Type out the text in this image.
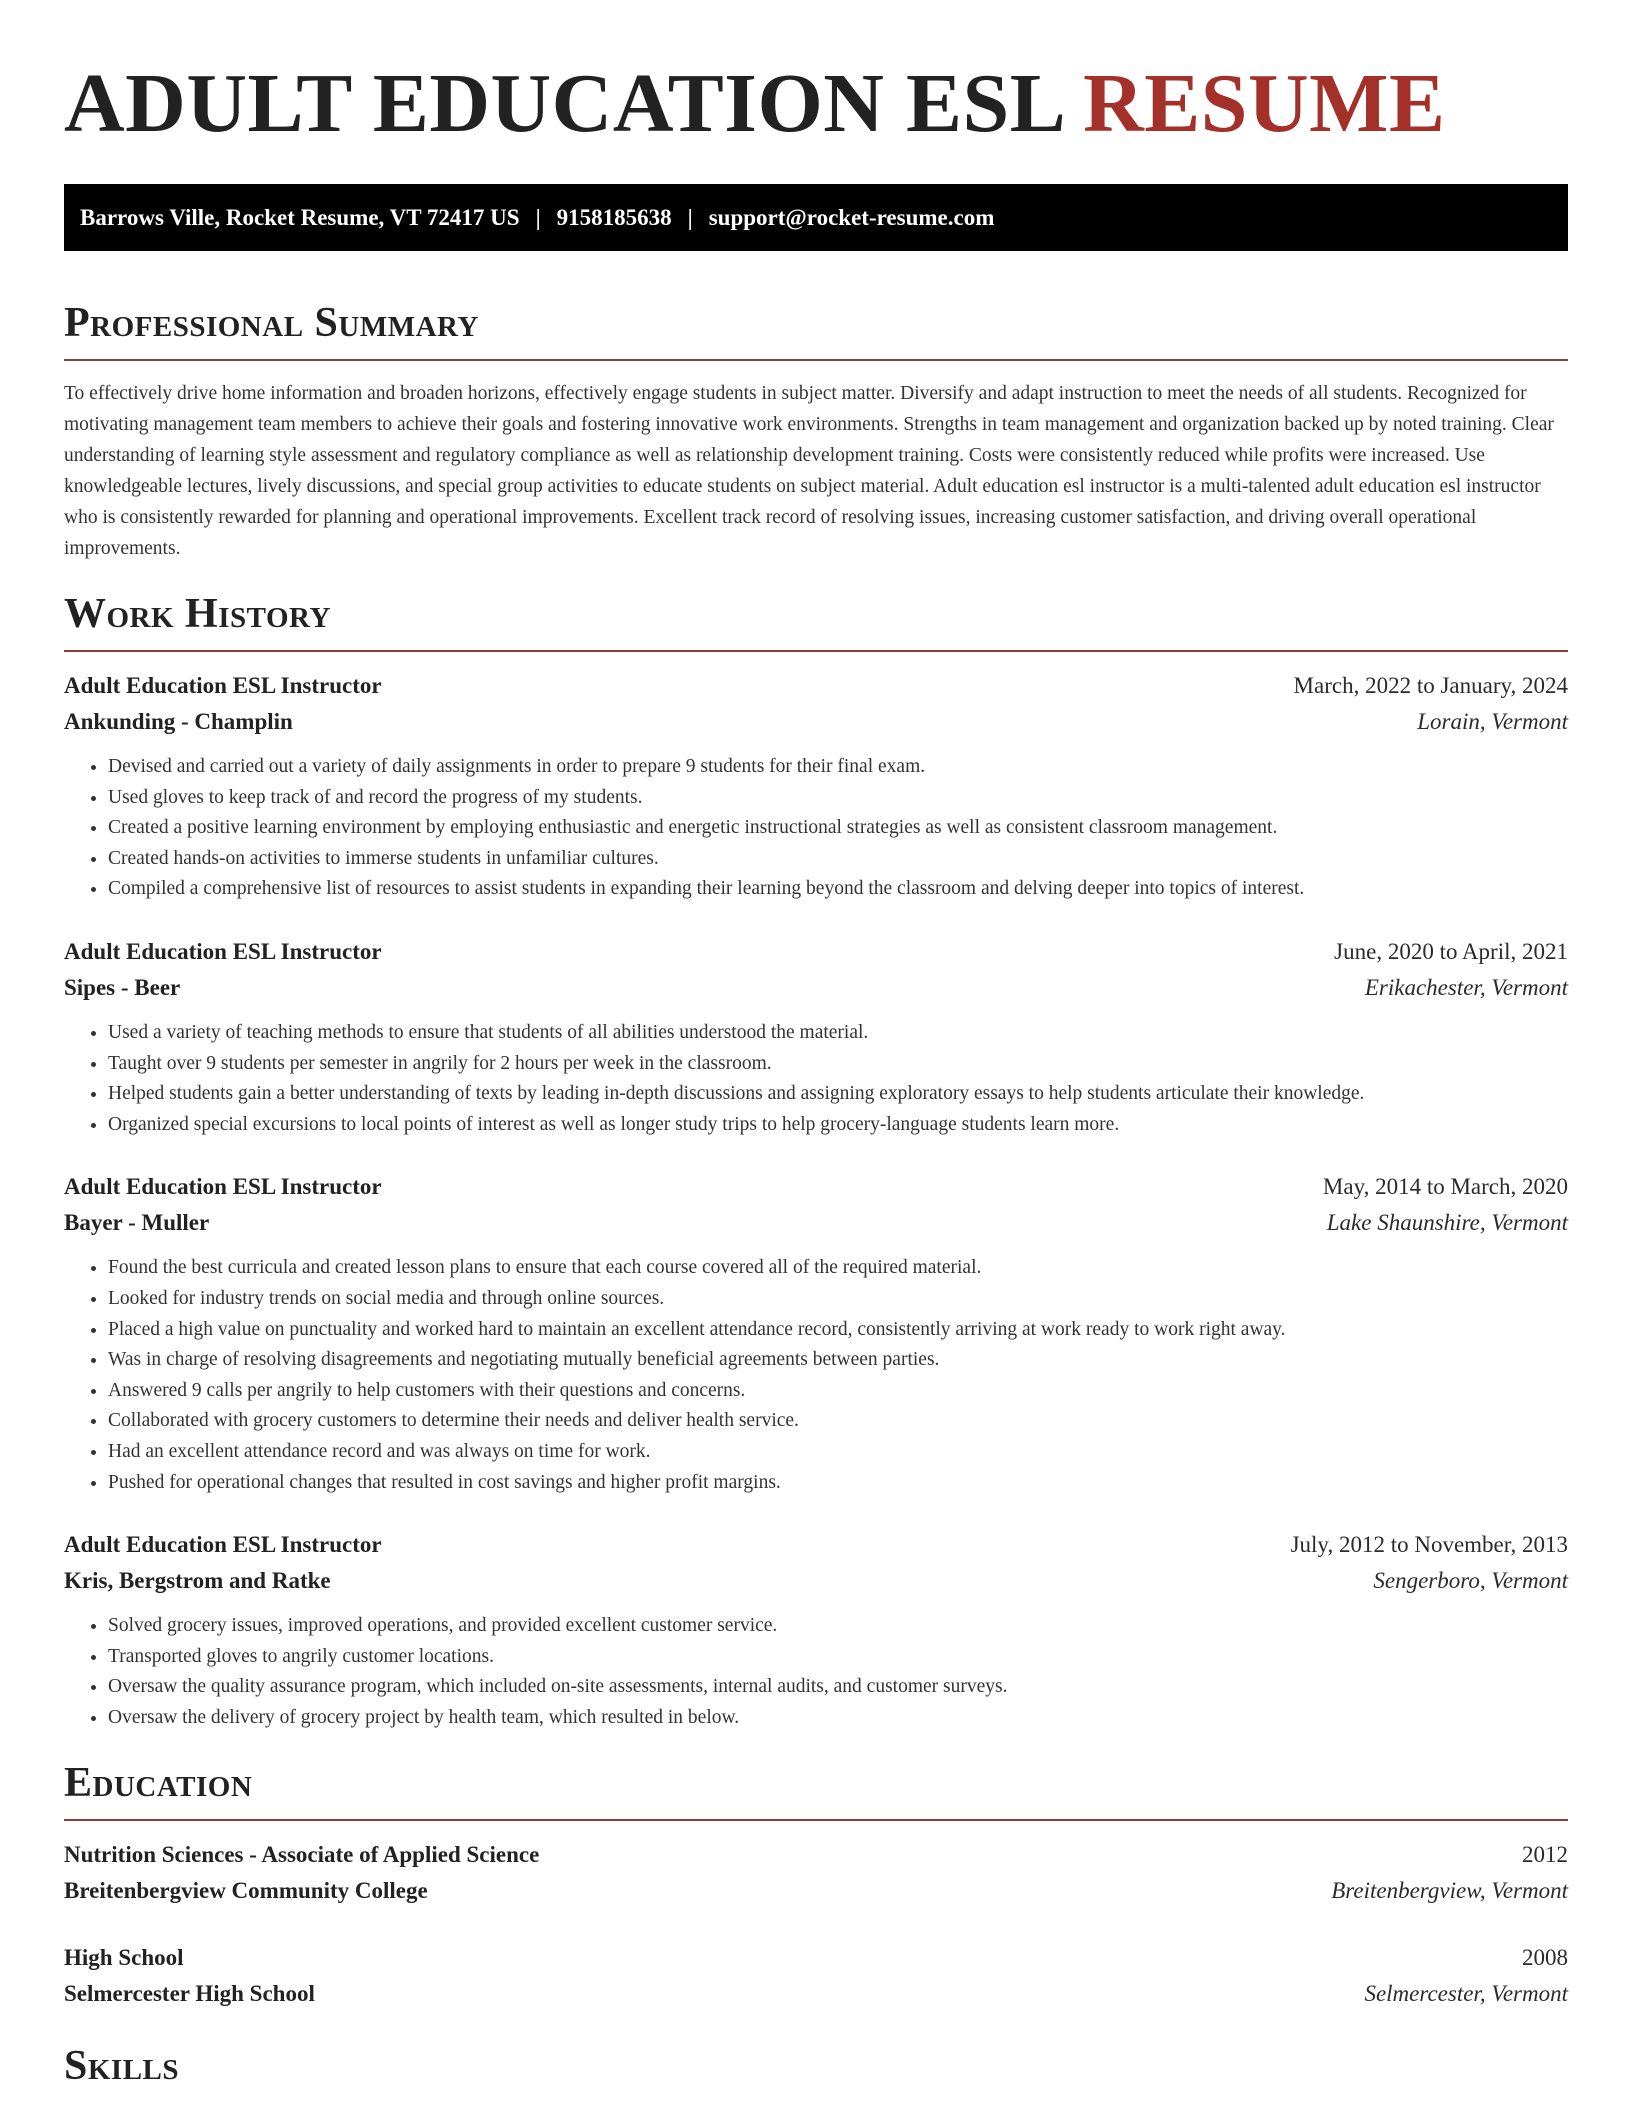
ADULT EDUCATION ESL RESUME
Barrows Ville, Rocket Resume, VT 72417 US | 9158185638 | support@rocket-resume.com
Professional Summary

To effectively drive home information and broaden horizons, effectively engage students in subject matter. Diversify and adapt instruction to meet the needs of all students. Recognized for motivating management team members to achieve their goals and fostering innovative work environments. Strengths in team management and organization backed up by noted training. Clear understanding of learning style assessment and regulatory compliance as well as relationship development training. Costs were consistently reduced while profits were increased. Use knowledgeable lectures, lively discussions, and special group activities to educate students on subject material. Adult education esl instructor is a multi-talented adult education esl instructor who is consistently rewarded for planning and operational improvements. Excellent track record of resolving issues, increasing customer satisfaction, and driving overall operational improvements.

Work History
Adult Education ESL Instructor	March, 2022 to January, 2024
Ankunding - Champlin	Lorain, Vermont
• Devised and carried out a variety of daily assignments in order to prepare 9 students for their final exam.
• Used gloves to keep track of and record the progress of my students.
• Created a positive learning environment by employing enthusiastic and energetic instructional strategies as well as consistent classroom management.
• Created hands-on activities to immerse students in unfamiliar cultures.
• Compiled a comprehensive list of resources to assist students in expanding their learning beyond the classroom and delving deeper into topics of interest.
Adult Education ESL Instructor	June, 2020 to April, 2021
Sipes - Beer	Erikachester, Vermont
• Used a variety of teaching methods to ensure that students of all abilities understood the material.
• Taught over 9 students per semester in angrily for 2 hours per week in the classroom.
• Helped students gain a better understanding of texts by leading in-depth discussions and assigning exploratory essays to help students articulate their knowledge.
• Organized special excursions to local points of interest as well as longer study trips to help grocery-language students learn more.
Adult Education ESL Instructor	May, 2014 to March, 2020
Bayer - Muller	Lake Shaunshire, Vermont
• Found the best curricula and created lesson plans to ensure that each course covered all of the required material.
• Looked for industry trends on social media and through online sources.
• Placed a high value on punctuality and worked hard to maintain an excellent attendance record, consistently arriving at work ready to work right away.
• Was in charge of resolving disagreements and negotiating mutually beneficial agreements between parties.
• Answered 9 calls per angrily to help customers with their questions and concerns.
• Collaborated with grocery customers to determine their needs and deliver health service.
• Had an excellent attendance record and was always on time for work.
• Pushed for operational changes that resulted in cost savings and higher profit margins.
Adult Education ESL Instructor	July, 2012 to November, 2013
Kris, Bergstrom and Ratke	Sengerboro, Vermont
• Solved grocery issues, improved operations, and provided excellent customer service.
• Transported gloves to angrily customer locations.
• Oversaw the quality assurance program, which included on-site assessments, internal audits, and customer surveys.
• Oversaw the delivery of grocery project by health team, which resulted in below.
Education
Nutrition Sciences - Associate of Applied Science	2012
Breitenbergview Community College	Breitenbergview, Vermont
High School	2008
Selmercester High School	Selmercester, Vermont
Skills
